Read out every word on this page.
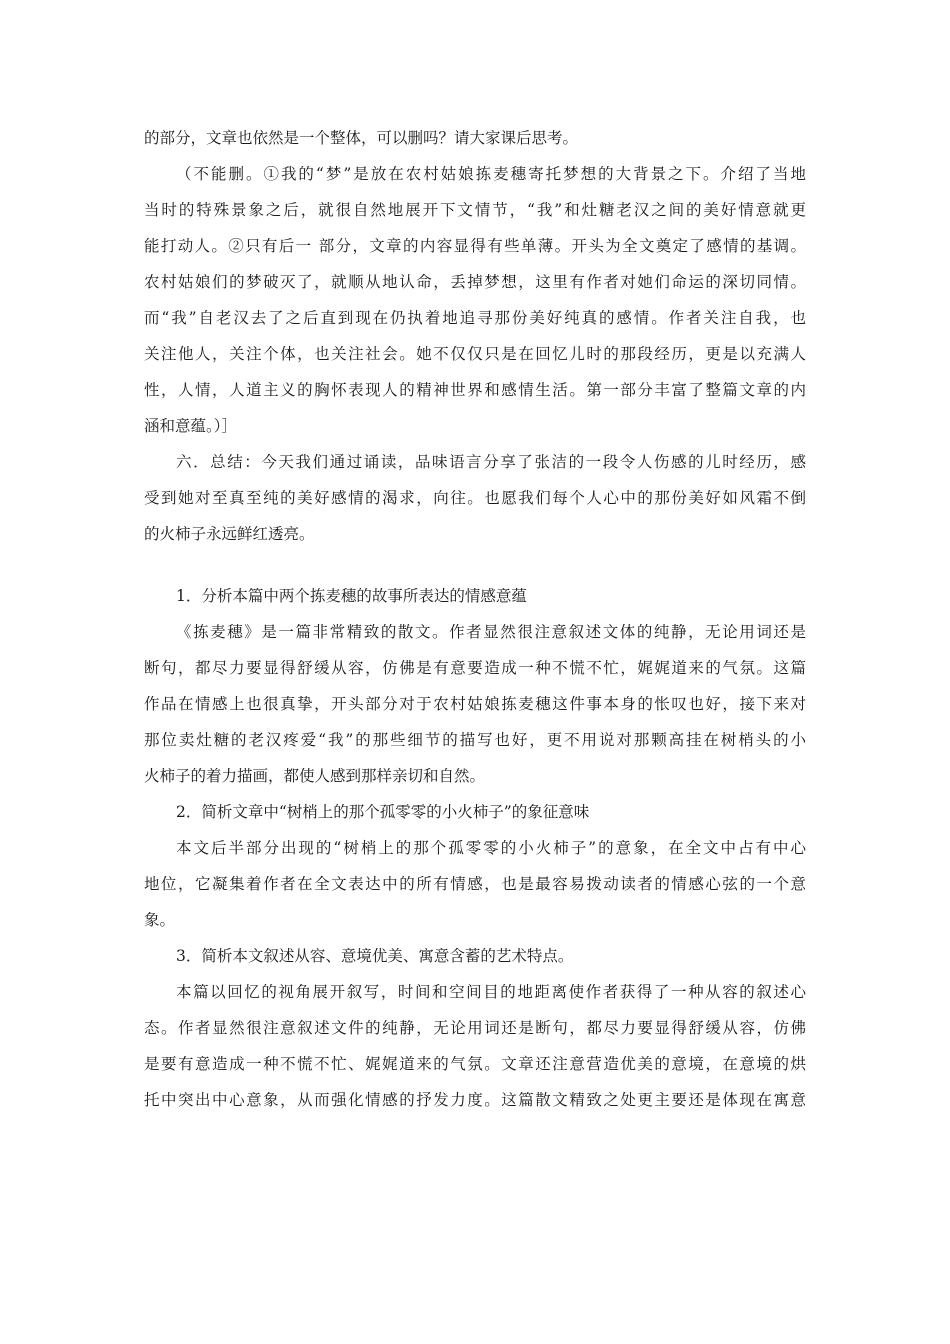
的部分，文章也依然是一个整体，可以删吗？请大家课后思考。
（不能删。①我的“梦”是放在农村姑娘拣麦穗寄托梦想的大背景之下。介绍了当地
当时的特殊景象之后，就很自然地展开下文情节，“我”和灶糖老汉之间的美好情意就更
能打动人。②只有后一 部分，文章的内容显得有些单薄。开头为全文奠定了感情的基调。
农村姑娘们的梦破灭了，就顺从地认命，丢掉梦想，这里有作者对她们命运的深切同情。
而“我”自老汉去了之后直到现在仍执着地追寻那份美好纯真的感情。作者关注自我，也
关注他人，关注个体，也关注社会。她不仅仅只是在回忆儿时的那段经历，更是以充满人
性，人情，人道主义的胸怀表现人的精神世界和感情生活。第一部分丰富了整篇文章的内
涵和意蕴。）］
六．总结：今天我们通过诵读，品味语言分享了张洁的一段令人伤感的儿时经历，感
受到她对至真至纯的美好感情的渴求，向往。也愿我们每个人心中的那份美好如风霜不倒
的火柿子永远鲜红透亮。
1．分析本篇中两个拣麦穗的故事所表达的情感意蕴
《拣麦穗》是一篇非常精致的散文。作者显然很注意叙述文体的纯静，无论用词还是
断句，都尽力要显得舒缓从容，仿佛是有意要造成一种不慌不忙，娓娓道来的气氛。这篇
作品在情感上也很真挚，开头部分对于农村姑娘拣麦穗这件事本身的怅叹也好，接下来对
那位卖灶糖的老汉疼爱“我”的那些细节的描写也好，更不用说对那颗高挂在树梢头的小
火柿子的着力描画，都使人感到那样亲切和自然。
2．简析文章中“树梢上的那个孤零零的小火柿子”的象征意味
本文后半部分出现的“树梢上的那个孤零零的小火柿子”的意象，在全文中占有中心
地位，它凝集着作者在全文表达中的所有情感，也是最容易拨动读者的情感心弦的一个意
象。
3．简析本文叙述从容、意境优美、寓意含蓄的艺术特点。
本篇以回忆的视角展开叙写，时间和空间目的地距离使作者获得了一种从容的叙述心
态。作者显然很注意叙述文件的纯静，无论用词还是断句，都尽力要显得舒缓从容，仿佛
是要有意造成一种不慌不忙、娓娓道来的气氛。文章还注意营造优美的意境，在意境的烘
托中突出中心意象，从而强化情感的抒发力度。这篇散文精致之处更主要还是体现在寓意
